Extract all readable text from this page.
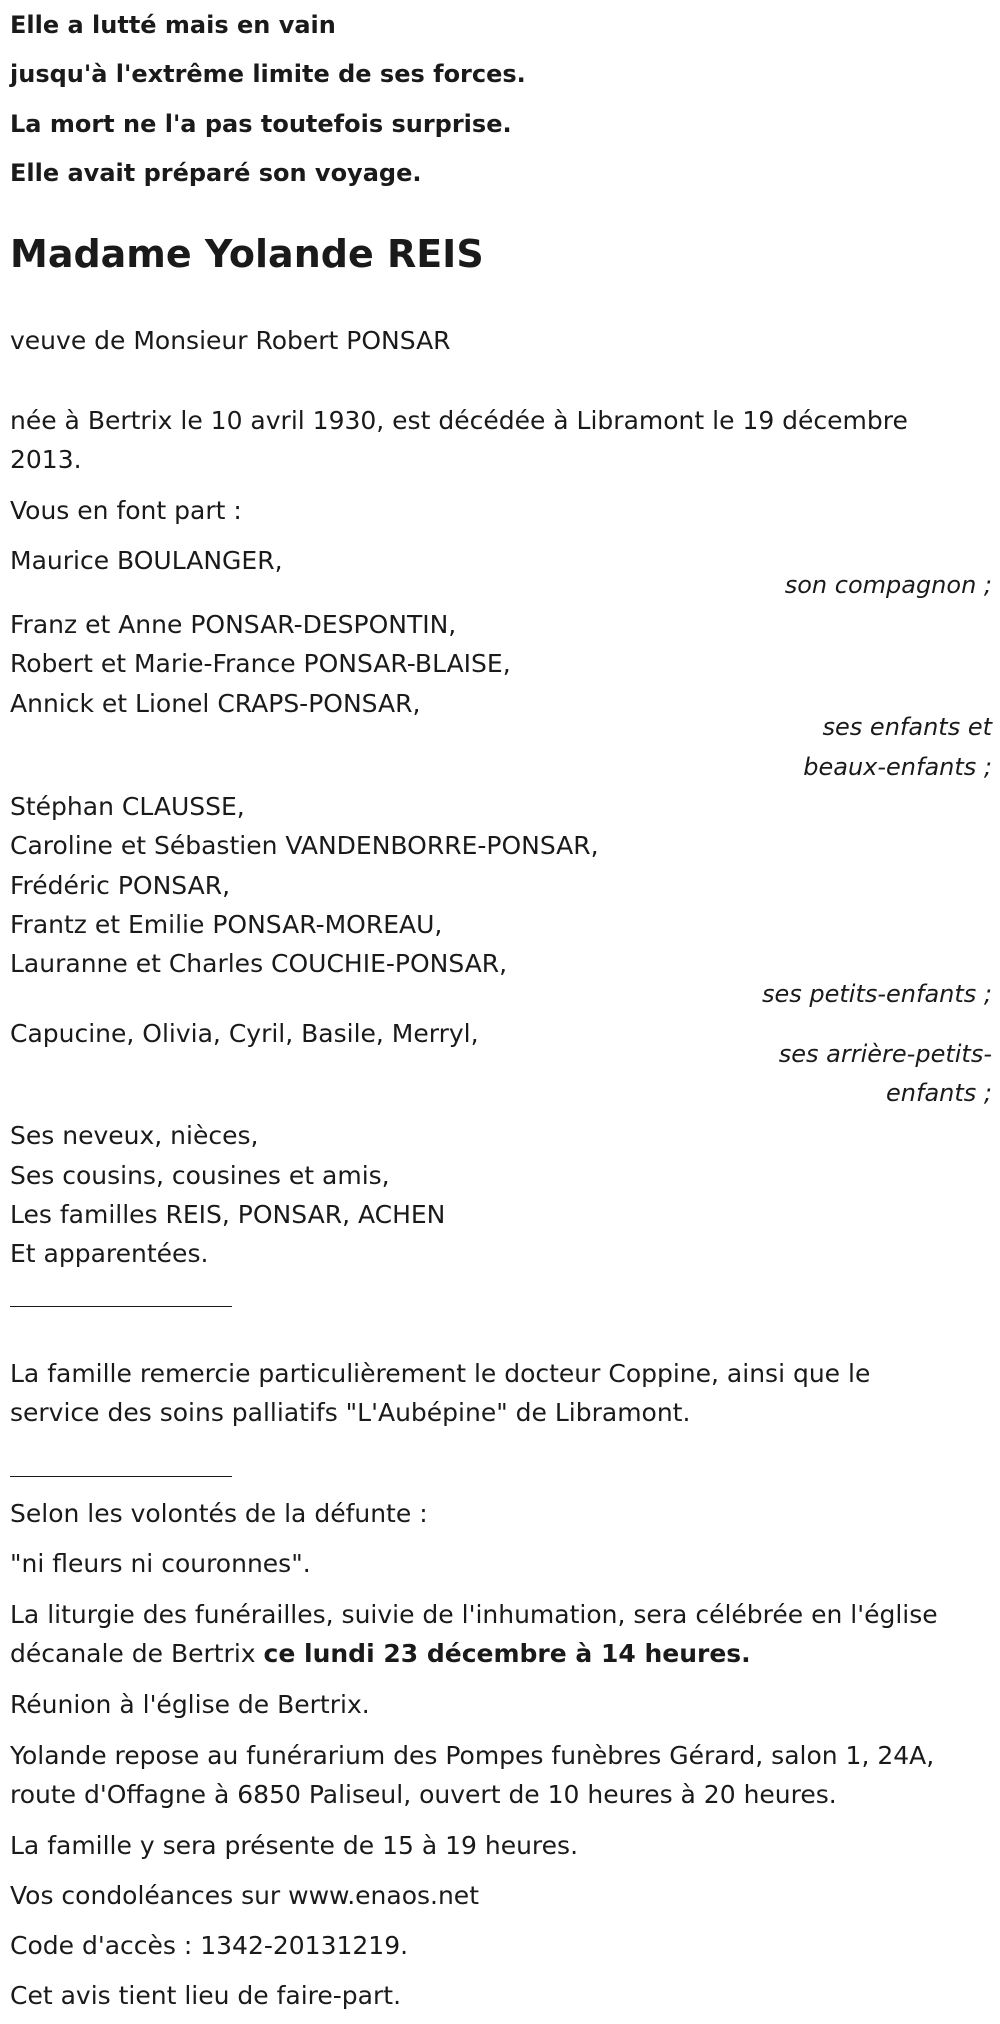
Elle a lutté mais en vain

jusqu'à l'extrême limite de ses forces.

La mort ne l'a pas toutefois surprise.

Elle avait préparé son voyage.

Madame Yolande REIS

veuve de Monsieur Robert PONSAR

née à Bertrix le 10 avril 1930, est décédée à Libramont le 19 décembre

2013.

Vous en font part :

Maurice BOULANGER,

son compagnon ;

Franz et Anne PONSAR-DESPONTIN,

Robert et Marie-France PONSAR-BLAISE,

Annick et Lionel CRAPS-PONSAR,

ses enfants et

beaux-enfants ;

Stéphan CLAUSSE,

Caroline et Sébastien VANDENBORRE-PONSAR,

Frédéric PONSAR,

Frantz et Emilie PONSAR-MOREAU,

Lauranne et Charles COUCHIE-PONSAR,

ses petits-enfants ;

Capucine, Olivia, Cyril, Basile, Merryl,

ses arrière-petits-

enfants ;

Ses neveux, nièces,

Ses cousins, cousines et amis,

Les familles REIS, PONSAR, ACHEN

Et apparentées.

La famille remercie particulièrement le docteur Coppine, ainsi que le

service des soins palliatifs "L'Aubépine" de Libramont.

Selon les volontés de la défunte :

"ni fleurs ni couronnes".

La liturgie des funérailles, suivie de l'inhumation, sera célébrée en l'église

décanale de Bertrix ce lundi 23 décembre à 14 heures.

Réunion à l'église de Bertrix.

Yolande repose au funérarium des Pompes funèbres Gérard, salon 1, 24A,

route d'Offagne à 6850 Paliseul, ouvert de 10 heures à 20 heures.

La famille y sera présente de 15 à 19 heures.

Vos condoléances sur www.enaos.net

Code d'accès : 1342-20131219.

Cet avis tient lieu de faire-part.
